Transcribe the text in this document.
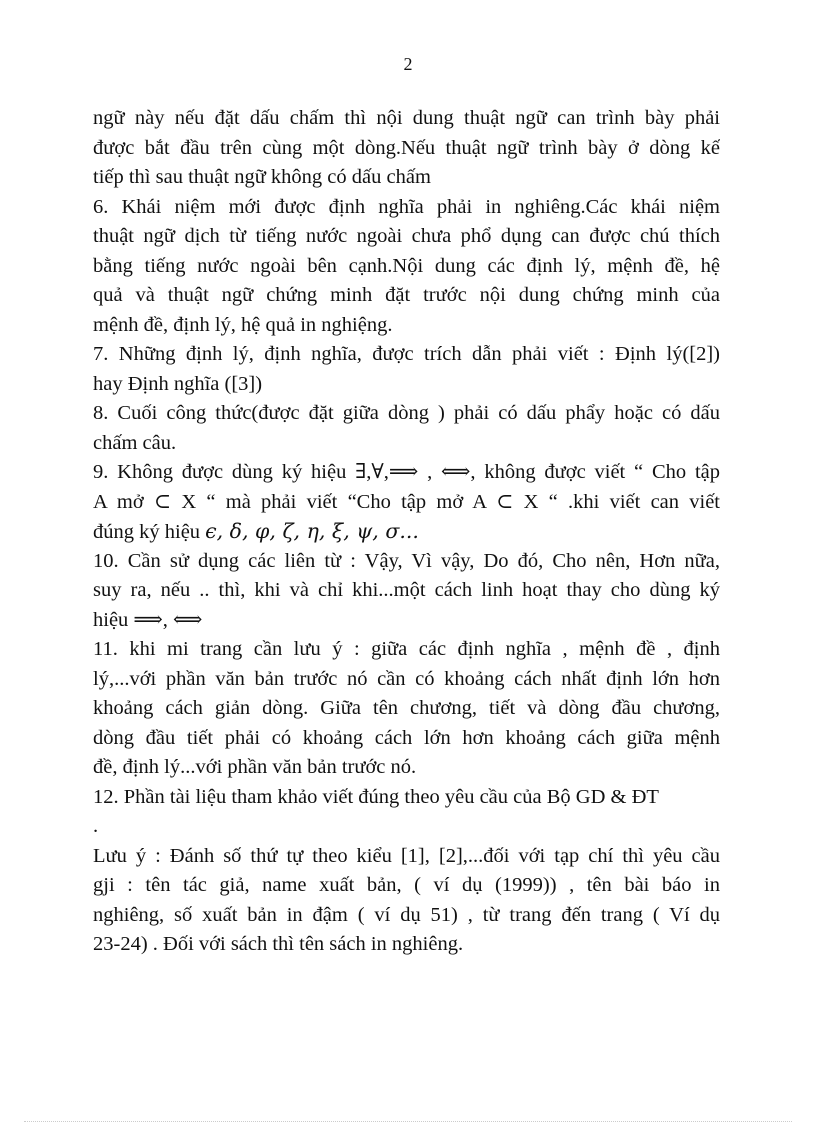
2
ngữ này nếu đặt dấu chấm thì nội dung thuật ngữ can trình bày phải
được bắt đầu trên cùng một dòng.Nếu thuật ngữ trình bày ở dòng kế
tiếp thì sau thuật ngữ không có dấu chấm
6. Khái niệm mới được định nghĩa phải in nghiêng.Các khái niệm
thuật ngữ dịch từ tiếng nước ngoài chưa phổ dụng can được chú thích
bằng tiếng nước ngoài bên cạnh.Nội dung các định lý, mệnh đề, hệ
quả và thuật ngữ chứng minh đặt trước nội dung chứng minh của
mệnh đề, định lý, hệ quả in nghiệng.
7. Những định lý, định nghĩa, được trích dẫn phải viết : Định lý([2])
hay Định nghĩa ([3])
8. Cuối công thức(được đặt giữa dòng ) phải có dấu phẩy hoặc có dấu
chấm câu.
9. Không được dùng ký hiệu ∃,∀,⟹ , ⟺, không được viết “ Cho tập
A mở ⊂ X “ mà phải viết “Cho tập mở A ⊂ X “ .khi viết can viết
đúng ký hiệu ϵ, δ, φ, ζ, η, ξ, ψ, σ...
10. Cần sử dụng các liên từ : Vậy, Vì vậy, Do đó, Cho nên, Hơn nữa,
suy ra, nếu .. thì, khi và chỉ khi...một cách linh hoạt thay cho dùng ký
hiệu ⟹, ⟺
11. khi mi trang cần lưu ý : giữa các định nghĩa , mệnh đề , định
lý,...với phần văn bản trước nó cần có khoảng cách nhất định lớn hơn
khoảng cách giản dòng. Giữa tên chương, tiết và dòng đầu chương,
dòng đầu tiết phải có khoảng cách lớn hơn khoảng cách giữa mệnh
đề, định lý...với phần văn bản trước nó.
12. Phần tài liệu tham khảo viết đúng theo yêu cầu của Bộ GD & ĐT
.
Lưu ý : Đánh số thứ tự theo kiểu [1], [2],...đối với tạp chí thì yêu cầu
gji : tên tác giả, name xuất bản, ( ví dụ (1999)) , tên bài báo in
nghiêng, số xuất bản in đậm ( ví dụ 51) , từ trang đến trang ( Ví dụ
23-24) . Đối với sách thì tên sách in nghiêng.
